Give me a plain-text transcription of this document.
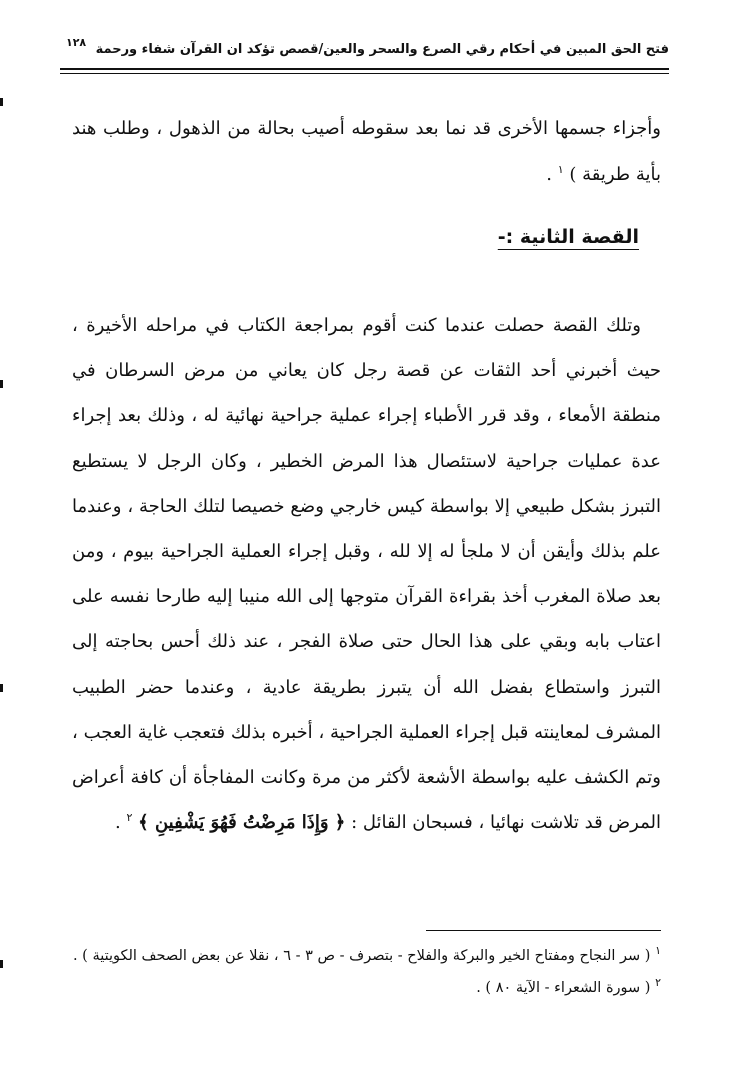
فتح الحق المبين في أحكام رقي الصرع والسحر والعين/قصص تؤكد ان القرآن شفاء ورحمة
١٢٨
وأجزاء جسمها الأخرى قد نما بعد سقوطه أصيب بحالة من الذهول ، وطلب هند بأية طريقة ) $^١$ .
القصة الثانية :-
وتلك القصة حصلت عندما كنت أقوم بمراجعة الكتاب في مراحله الأخيرة ، حيث أخبرني أحد الثقات عن قصة رجل كان يعاني من مرض السرطان في منطقة الأمعاء ، وقد قرر الأطباء إجراء عملية جراحية نهائية له ، وذلك بعد إجراء عدة عمليات جراحية لاستئصال هذا المرض الخطير ، وكان الرجل لا يستطيع التبرز بشكل طبيعي إلا بواسطة كيس خارجي وضع خصيصا لتلك الحاجة ، وعندما علم بذلك وأيقن أن لا ملجأ له إلا لله ، وقبل إجراء العملية الجراحية بيوم ، ومن بعد صلاة المغرب أخذ بقراءة القرآن متوجها إلى الله منيبا إليه طارحا نفسه على اعتاب بابه وبقي على هذا الحال حتى صلاة الفجر ، عند ذلك أحس بحاجته إلى التبرز واستطاع بفضل الله أن يتبرز بطريقة عادية ، وعندما حضر الطبيب المشرف لمعاينته قبل إجراء العملية الجراحية ، أخبره بذلك فتعجب غاية العجب ، وتم الكشف عليه بواسطة الأشعة لأكثر من مرة وكانت المفاجأة أن كافة أعراض المرض قد تلاشت نهائيا ، فسبحان القائل : ﴿ وَإِذَا مَرِضْتُ فَهُوَ يَشْفِينِ ﴾ $^٢$ .

$^١$ ( سر النجاح ومفتاح الخير والبركة والفلاح - بتصرف - ص ٣ - ٦ ، نقلا عن بعض الصحف الكويتية ) .

$^٢$ ( سورة الشعراء - الآية ٨٠ ) .
